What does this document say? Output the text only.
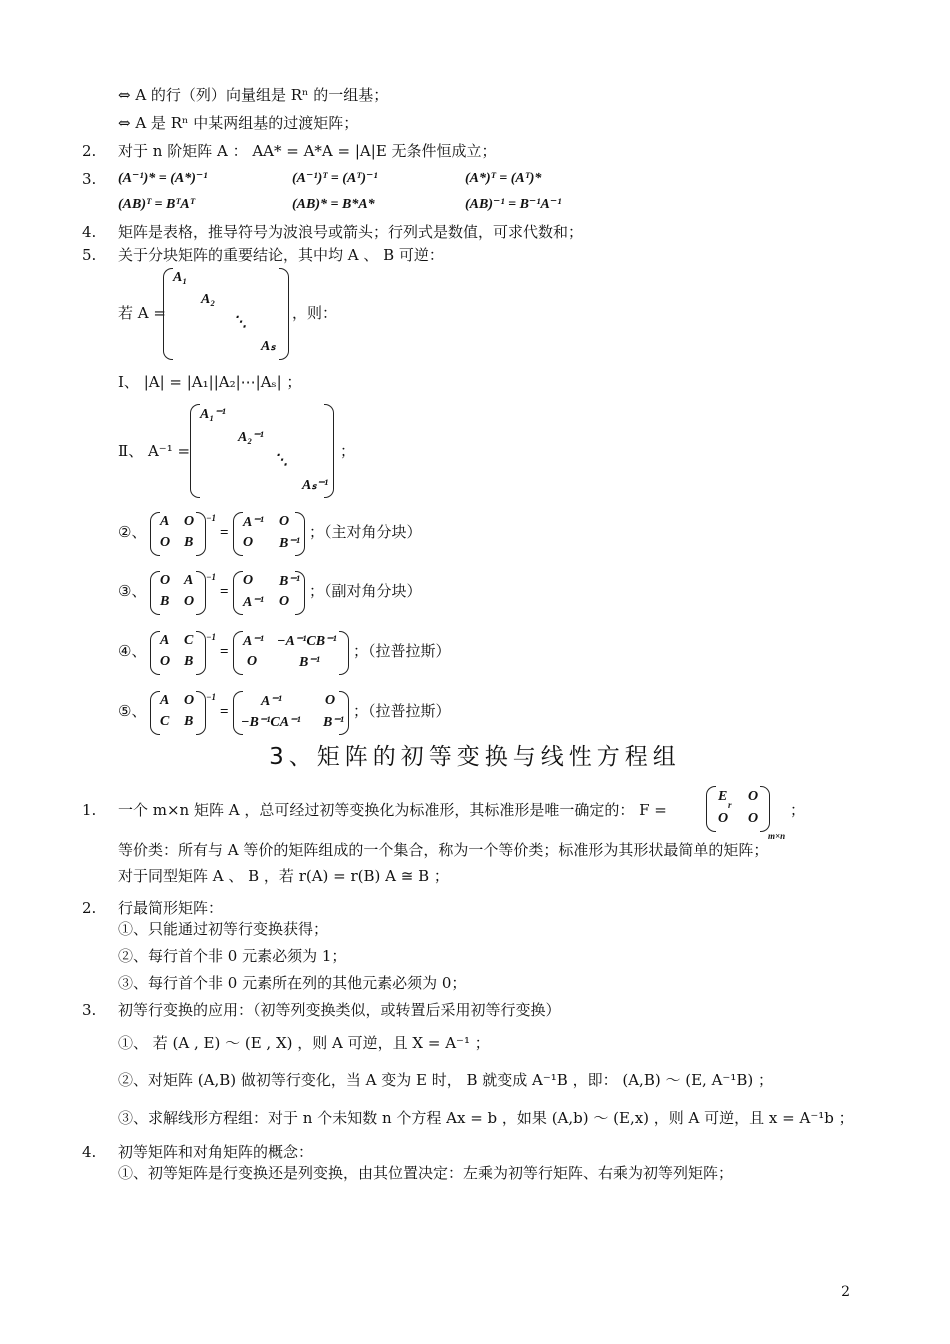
⇔ A 的行（列）向量组是 Rⁿ 的一组基；
⇔ A 是 Rⁿ 中某两组基的过渡矩阵；
2. 对于 n 阶矩阵 A ： AA* = A*A = |A|E 无条件恒成立；
3. (A⁻¹)* = (A*)⁻¹	(A⁻¹)ᵀ = (Aᵀ)⁻¹	(A*)ᵀ = (Aᵀ)*
(AB)ᵀ = BᵀAᵀ	(AB)* = B*A*	(AB)⁻¹ = B⁻¹A⁻¹
4. 矩阵是表格，推导符号为波浪号或箭头；行列式是数值，可求代数和；
5. 关于分块矩阵的重要结论，其中均 A 、 B 可逆：
若 A =
A₁
A₂
⋱
Aₛ
，则：
Ⅰ、 |A| = |A₁||A₂|⋯|Aₛ| ；
Ⅱ、 A⁻¹ =
A₁⁻¹
A₂⁻¹
⋱
Aₛ⁻¹
；
②、
A O
O B
−1
=
A⁻¹ O
O B⁻¹
；（主对角分块）
③、
O A
B O
−1
=
O B⁻¹
A⁻¹ O
；（副对角分块）
④、
A C
O B
−1
=
A⁻¹ −A⁻¹CB⁻¹
O	B⁻¹
；（拉普拉斯）
⑤、
A O
C B
−1
=
A⁻¹	O
−B⁻¹CA⁻¹ B⁻¹
；（拉普拉斯）
3、矩阵的初等变换与线性方程组
1. 一个 m×n 矩阵 A ，总可经过初等变换化为标准形，其标准形是唯一确定的： F =
E O
r
O O
m×n
；
等价类：所有与 A 等价的矩阵组成的一个集合，称为一个等价类；标准形为其形状最简单的矩阵；
对于同型矩阵 A 、 B ，若 r(A) = r(B) A ≅ B ；
2. 行最简形矩阵：
①、只能通过初等行变换获得；
②、每行首个非 0 元素必须为 1；
③、每行首个非 0 元素所在列的其他元素必须为 0；
3. 初等行变换的应用：（初等列变换类似，或转置后采用初等行变换）
①、 若 (A , E) ～ (E , X) ，则 A 可逆，且 X = A⁻¹ ；
②、对矩阵 (A,B) 做初等行变化，当 A 变为 E 时， B 就变成 A⁻¹B ，即： (A,B) ～ (E, A⁻¹B) ；
③、求解线形方程组：对于 n 个未知数 n 个方程 Ax = b ，如果 (A,b) ～ (E,x) ，则 A 可逆，且 x = A⁻¹b ；
4. 初等矩阵和对角矩阵的概念：
①、初等矩阵是行变换还是列变换，由其位置决定：左乘为初等行矩阵、右乘为初等列矩阵；
2
